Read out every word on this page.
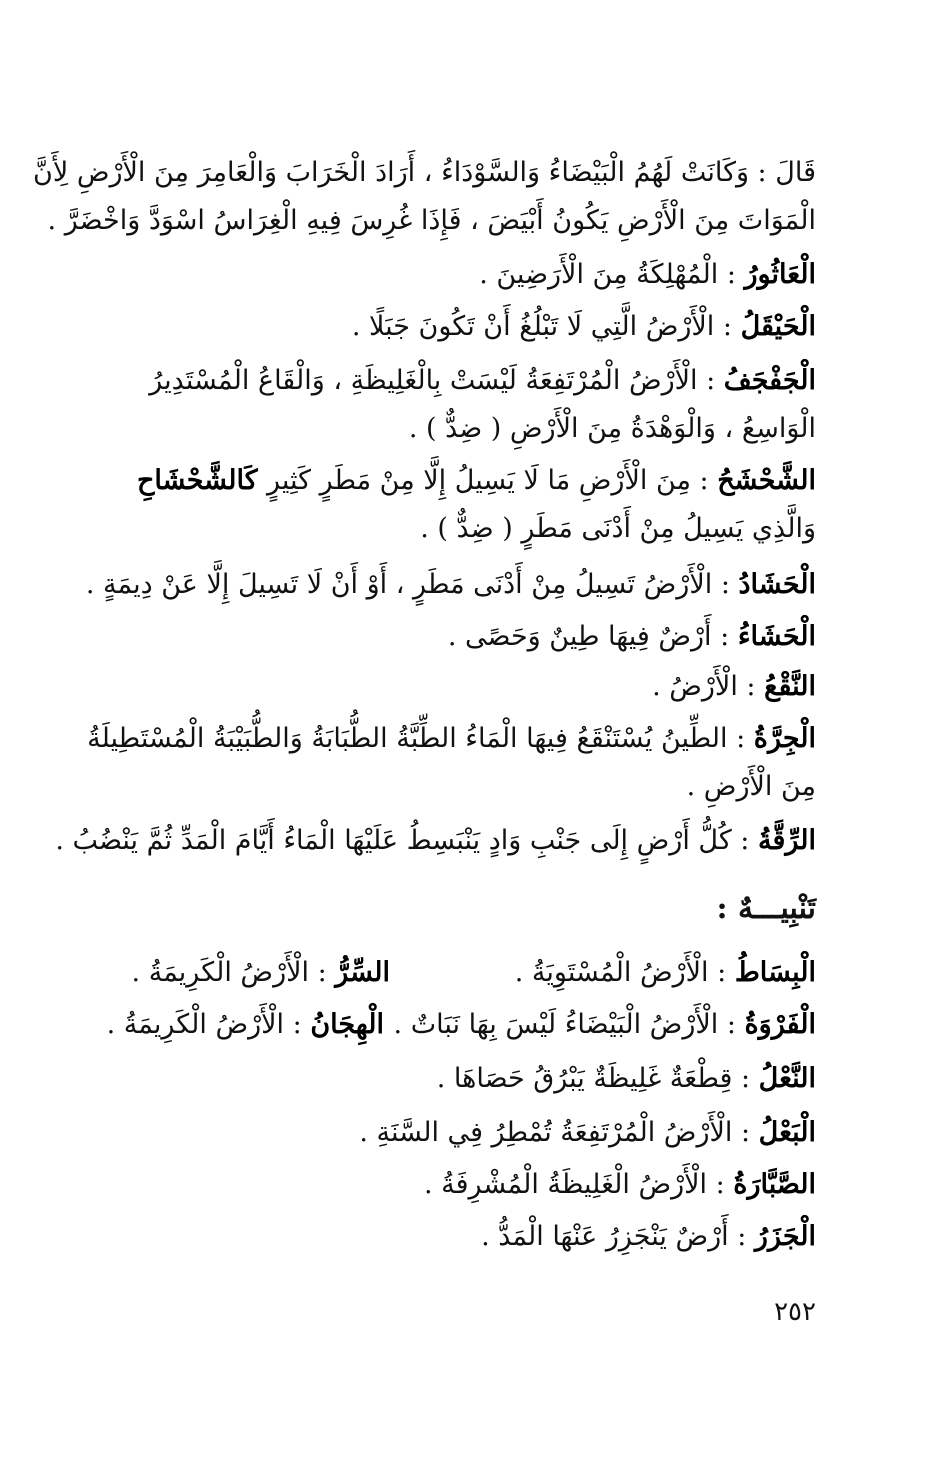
قَالَ : وَكَانَتْ لَهُمُ الْبَيْضَاءُ وَالسَّوْدَاءُ ، أَرَادَ الْخَرَابَ وَالْعَامِرَ مِنَ الْأَرْضِ لِأَنَّ
الْمَوَاتَ مِنَ الْأَرْضِ يَكُونُ أَبْيَضَ ، فَإِذَا غُرِسَ فِيهِ الْغِرَاسُ اسْوَدَّ وَاخْضَرَّ .
الْعَاثُورُ : الْمُهْلِكَةُ مِنَ الْأَرَضِينَ .
الْحَيْقَلُ : الْأَرْضُ الَّتِي لَا تَبْلُغُ أَنْ تَكُونَ جَبَلًا .
الْجَفْجَفُ : الْأَرْضُ الْمُرْتَفِعَةُ لَيْسَتْ بِالْغَلِيظَةِ ، وَالْقَاعُ الْمُسْتَدِيرُ
الْوَاسِعُ ، وَالْوَهْدَةُ مِنَ الْأَرْضِ ( ضِدٌّ ) .
الشَّحْشَحُ : مِنَ الْأَرْضِ مَا لَا يَسِيلُ إِلَّا مِنْ مَطَرٍ كَثِيرٍ كَالشَّحْشَاحِ
وَالَّذِي يَسِيلُ مِنْ أَدْنَى مَطَرٍ ( ضِدٌّ ) .
الْحَشَادُ : الْأَرْضُ تَسِيلُ مِنْ أَدْنَى مَطَرٍ ، أَوْ أَنْ لَا تَسِيلَ إِلَّا عَنْ دِيمَةٍ .
الْحَشَاءُ : أَرْضٌ فِيهَا طِينٌ وَحَصًى .
النَّقْعُ : الْأَرْضُ .
الْجِرَّةُ : الطِّينُ يُسْتَنْقَعُ فِيهَا الْمَاءُ الطِّبَّةُ الطُّبَابَةُ وَالطُّبَيْبَةُ الْمُسْتَطِيلَةُ
مِنَ الْأَرْضِ .
الرِّقَّةُ : كُلُّ أَرْضٍ إِلَى جَنْبِ وَادٍ يَنْبَسِطُ عَلَيْهَا الْمَاءُ أَيَّامَ الْمَدِّ ثُمَّ يَنْضُبُ .
تَنْبِيـــهٌ :
الْبِسَاطُ : الْأَرْضُ الْمُسْتَوِيَةُ .
السِّرُّ : الْأَرْضُ الْكَرِيمَةُ .
الْفَرْوَةُ : الْأَرْضُ الْبَيْضَاءُ لَيْسَ بِهَا نَبَاتٌ .
الْهِجَانُ : الْأَرْضُ الْكَرِيمَةُ .
النَّعْلُ : قِطْعَةٌ غَلِيظَةٌ يَبْرُقُ حَصَاهَا .
الْبَعْلُ : الْأَرْضُ الْمُرْتَفِعَةُ تُمْطِرُ فِي السَّنَةِ .
الصَّبَّارَةُ : الْأَرْضُ الْغَلِيظَةُ الْمُشْرِفَةُ .
الْجَزَرُ : أَرْضٌ يَنْجَزِرُ عَنْهَا الْمَدُّ .
٢٥٢
